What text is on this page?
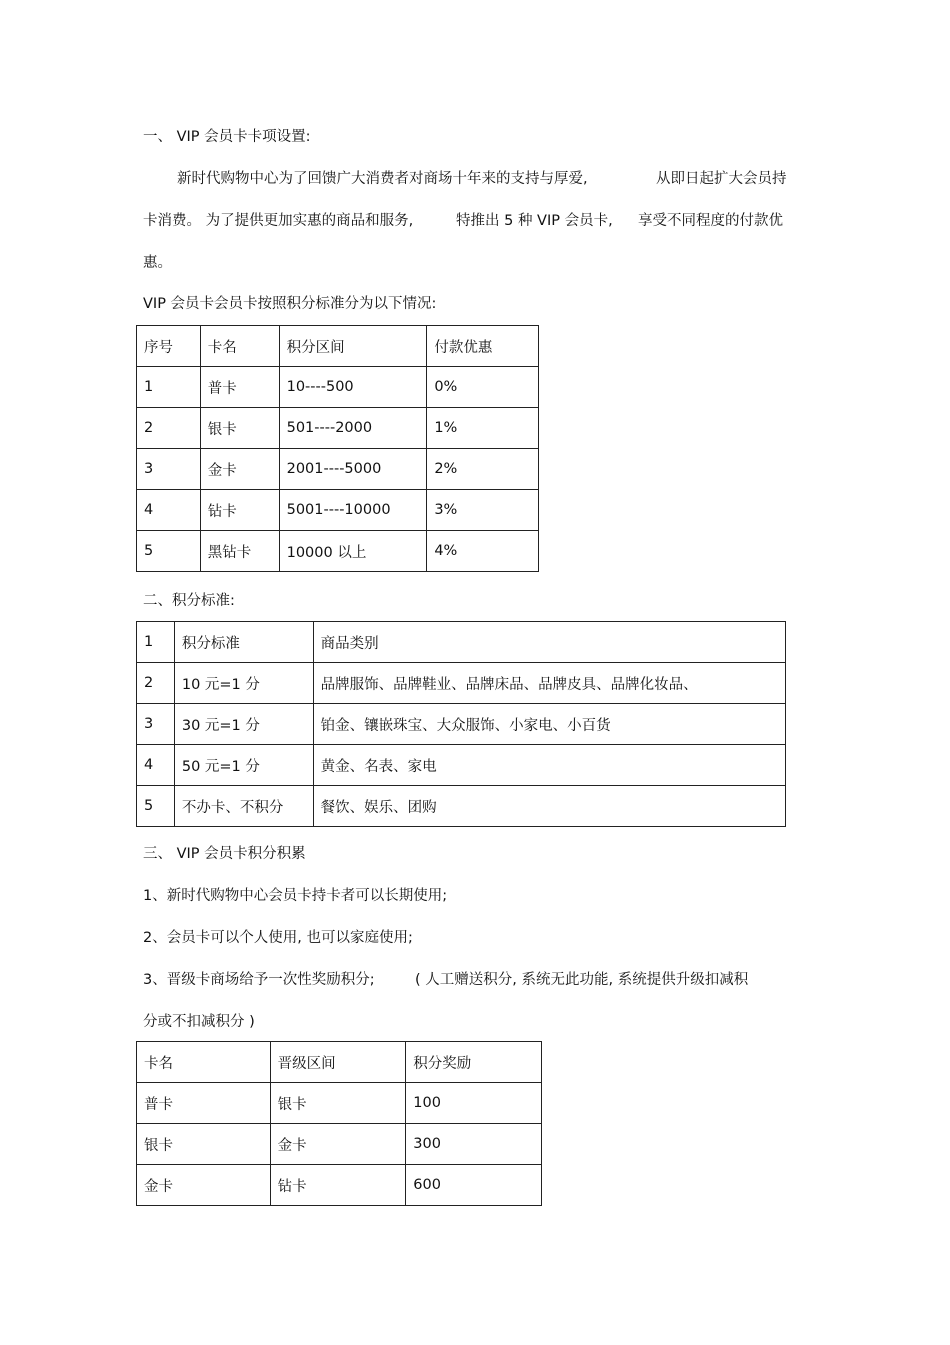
一、 VIP 会员卡卡项设置:
新时代购物中心为了回馈广大消费者对商场十年来的支持与厚爱,	从即日起扩大会员持
卡消费。 为了提供更加实惠的商品和服务,	特推出 5 种 VIP 会员卡, 享受不同程度的付款优
惠。
VIP 会员卡会员卡按照积分标准分为以下情况:
序号	卡名	积分区间	付款优惠
1	普卡	10----500	0%
2	银卡	501----2000	1%
3	金卡	2001----5000	2%
4	钻卡	5001----10000	3%
5	黑钻卡	10000 以上	4%
二、积分标准:
1	积分标准	商品类别
2	10 元=1 分	品牌服饰、品牌鞋业、品牌床品、品牌皮具、品牌化妆品、
3	30 元=1 分	铂金、镶嵌珠宝、大众服饰、小家电、小百货
4	50 元=1 分	黄金、名表、家电
5	不办卡、不积分	餐饮、娱乐、团购
三、 VIP 会员卡积分积累
1、新时代购物中心会员卡持卡者可以长期使用;
2、会员卡可以个人使用, 也可以家庭使用;
3、晋级卡商场给予一次性奖励积分;	( 人工赠送积分, 系统无此功能, 系统提供升级扣减积
分或不扣减积分 )
卡名	晋级区间	积分奖励
普卡	银卡	100
银卡	金卡	300
金卡	钻卡	600
